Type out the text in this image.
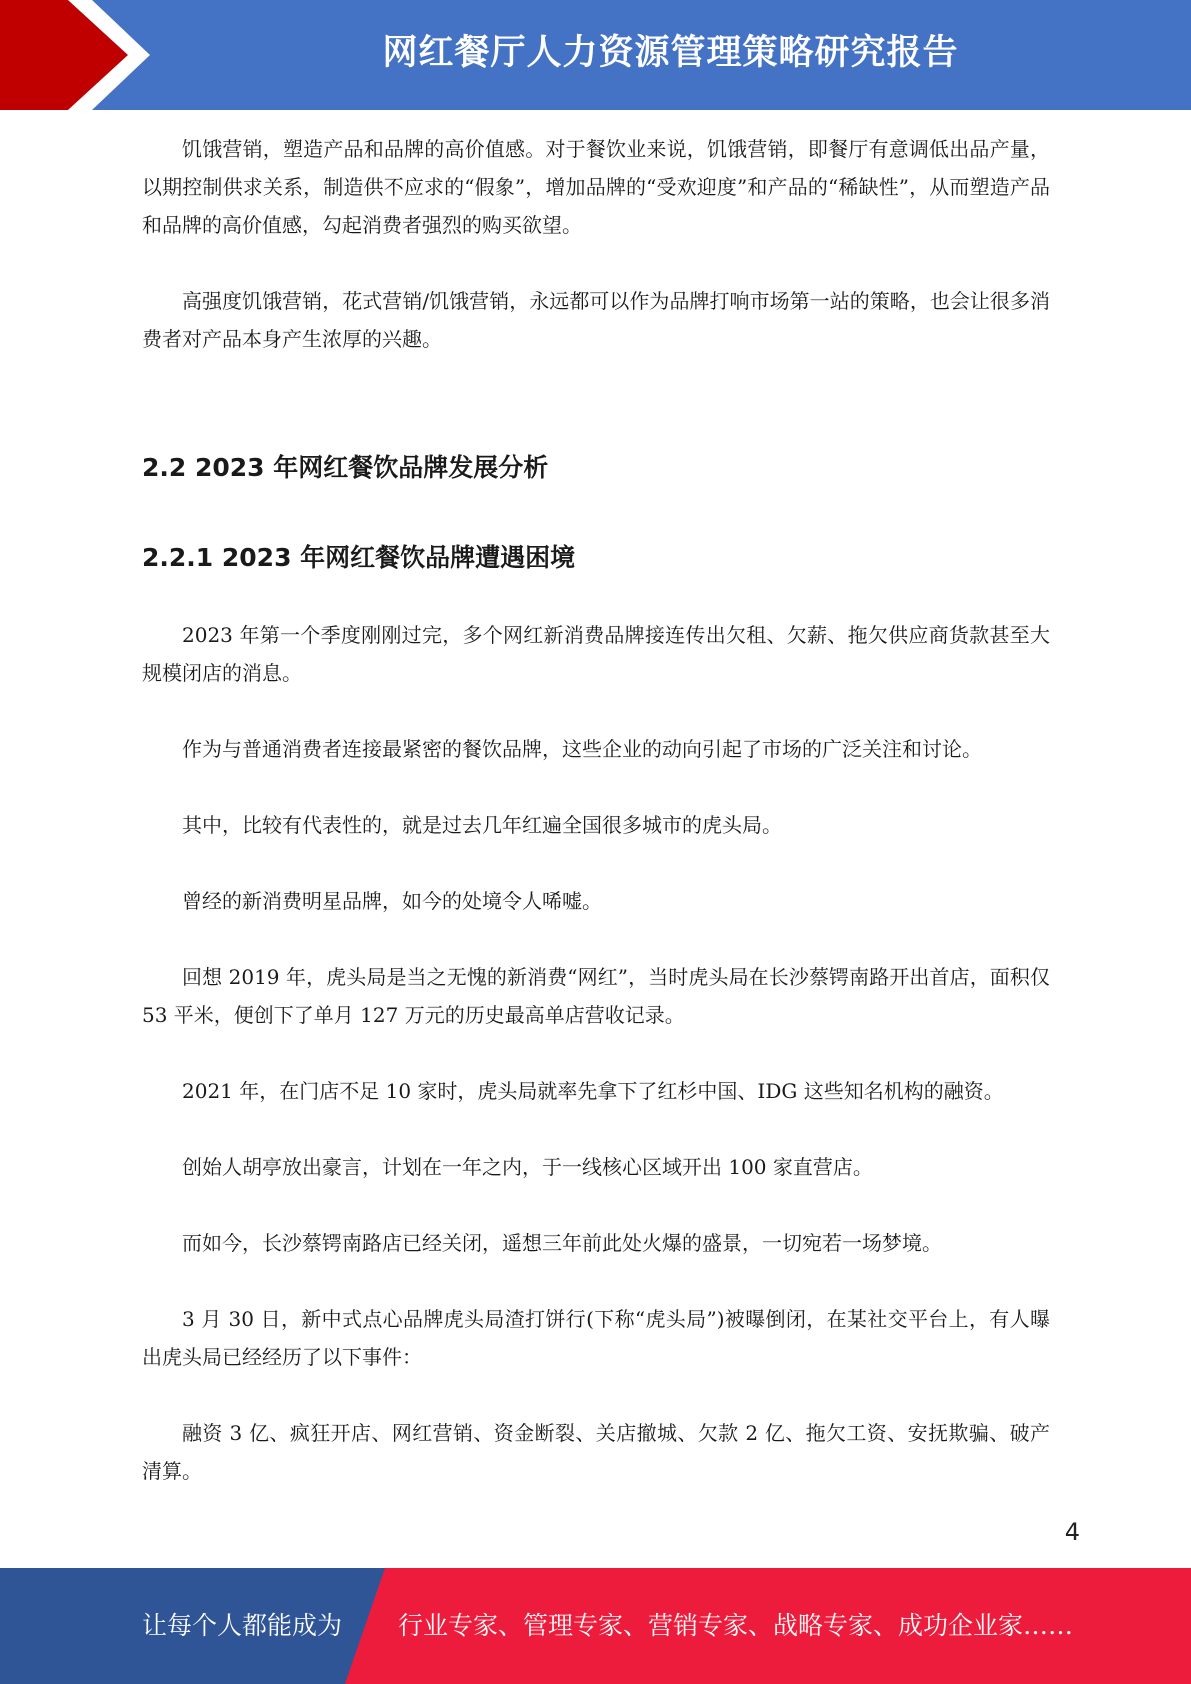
网红餐厅人力资源管理策略研究报告

饥饿营销，塑造产品和品牌的高价值感。对于餐饮业来说，饥饿营销，即餐厅有意调低出品产量，以期控制供求关系，制造供不应求的“假象”，增加品牌的“受欢迎度”和产品的“稀缺性”，从而塑造产品和品牌的高价值感，勾起消费者强烈的购买欲望。

高强度饥饿营销，花式营销/饥饿营销，永远都可以作为品牌打响市场第一站的策略，也会让很多消费者对产品本身产生浓厚的兴趣。

2.2 2023 年网红餐饮品牌发展分析
2.2.1 2023 年网红餐饮品牌遭遇困境

2023 年第一个季度刚刚过完，多个网红新消费品牌接连传出欠租、欠薪、拖欠供应商货款甚至大规模闭店的消息。

作为与普通消费者连接最紧密的餐饮品牌，这些企业的动向引起了市场的广泛关注和讨论。

其中，比较有代表性的，就是过去几年红遍全国很多城市的虎头局。

曾经的新消费明星品牌，如今的处境令人唏嘘。

回想 2019 年，虎头局是当之无愧的新消费“网红”，当时虎头局在长沙蔡锷南路开出首店，面积仅 53 平米，便创下了单月 127 万元的历史最高单店营收记录。

2021 年，在门店不足 10 家时，虎头局就率先拿下了红杉中国、IDG 这些知名机构的融资。

创始人胡亭放出豪言，计划在一年之内，于一线核心区域开出 100 家直营店。

而如今，长沙蔡锷南路店已经关闭，遥想三年前此处火爆的盛景，一切宛若一场梦境。

3 月 30 日，新中式点心品牌虎头局渣打饼行(下称“虎头局”)被曝倒闭，在某社交平台上，有人曝出虎头局已经经历了以下事件：

融资 3 亿、疯狂开店、网红营销、资金断裂、关店撤城、欠款 2 亿、拖欠工资、安抚欺骗、破产清算。

4
让每个人都能成为 行业专家、管理专家、营销专家、战略专家、成功企业家……
